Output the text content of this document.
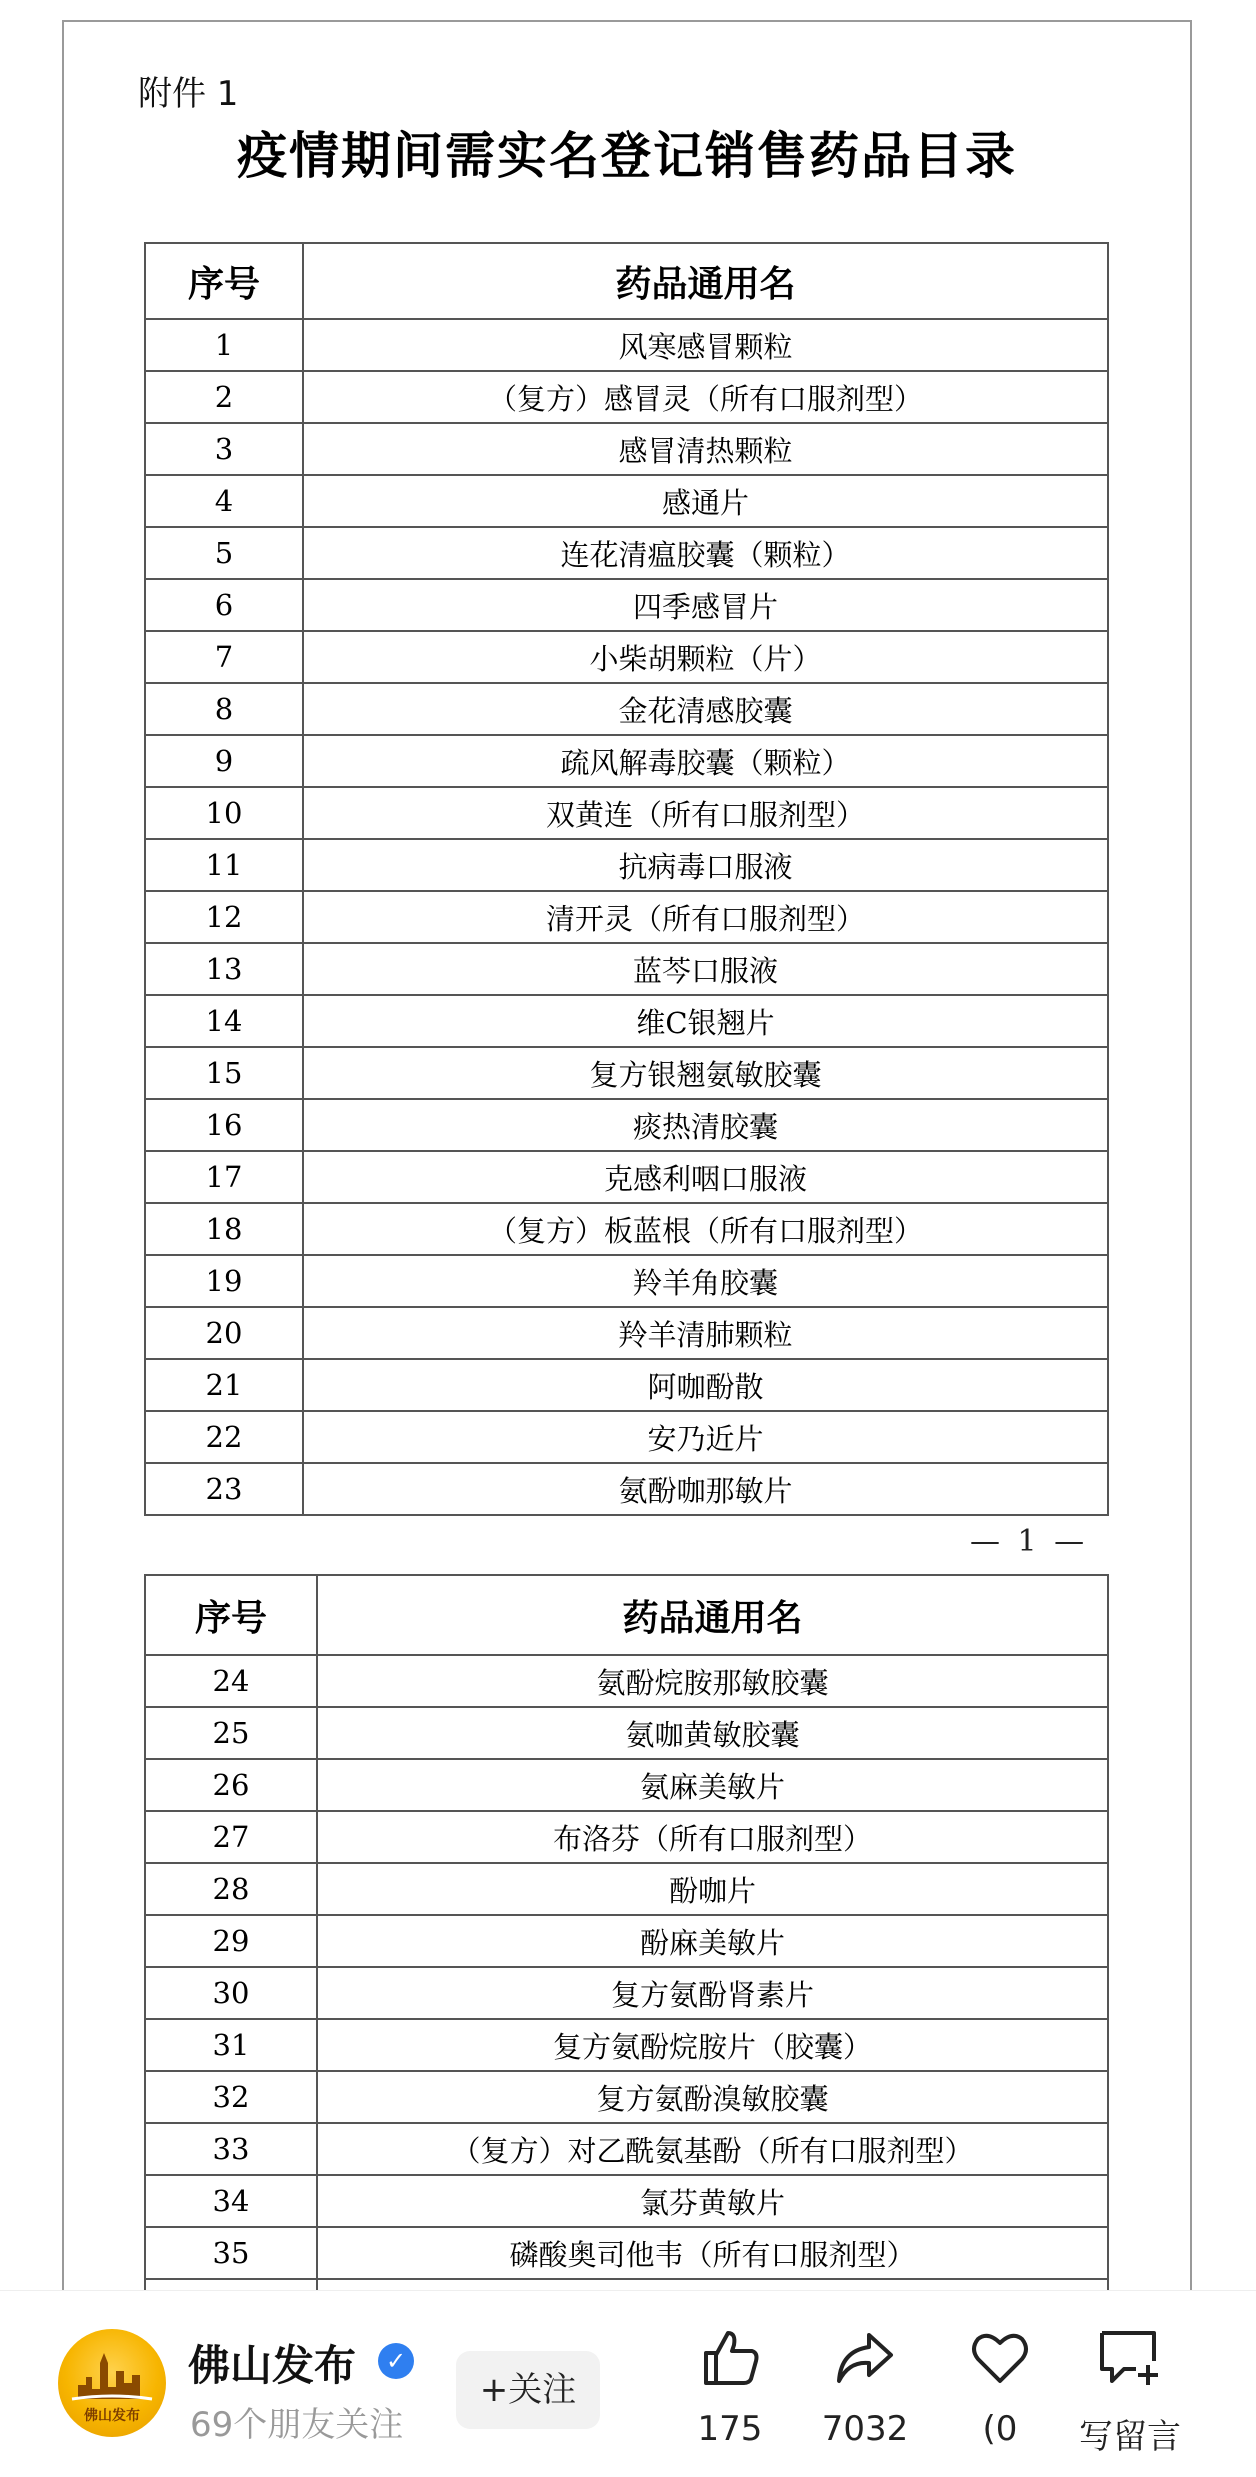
附件 1
疫情期间需实名登记销售药品目录
序号	药品通用名
1	风寒感冒颗粒
2	（复方）感冒灵（所有口服剂型）
3	感冒清热颗粒
4	感通片
5	连花清瘟胶囊（颗粒）
6	四季感冒片
7	小柴胡颗粒（片）
8	金花清感胶囊
9	疏风解毒胶囊（颗粒）
10	双黄连（所有口服剂型）
11	抗病毒口服液
12	清开灵（所有口服剂型）
13	蓝芩口服液
14	维C银翘片
15	复方银翘氨敏胶囊
16	痰热清胶囊
17	克感利咽口服液
18	（复方）板蓝根（所有口服剂型）
19	羚羊角胶囊
20	羚羊清肺颗粒
21	阿咖酚散
22	安乃近片
23	氨酚咖那敏片
— 1 —
序号	药品通用名
24	氨酚烷胺那敏胶囊
25	氨咖黄敏胶囊
26	氨麻美敏片
27	布洛芬（所有口服剂型）
28	酚咖片
29	酚麻美敏片
30	复方氨酚肾素片
31	复方氨酚烷胺片（胶囊）
32	复方氨酚溴敏胶囊
33	（复方）对乙酰氨基酚（所有口服剂型）
34	氯芬黄敏片
35	磷酸奥司他韦（所有口服剂型）

佛山发布
佛山发布	✓
69个朋友关注
+关注
175	7032	(0	写留言
